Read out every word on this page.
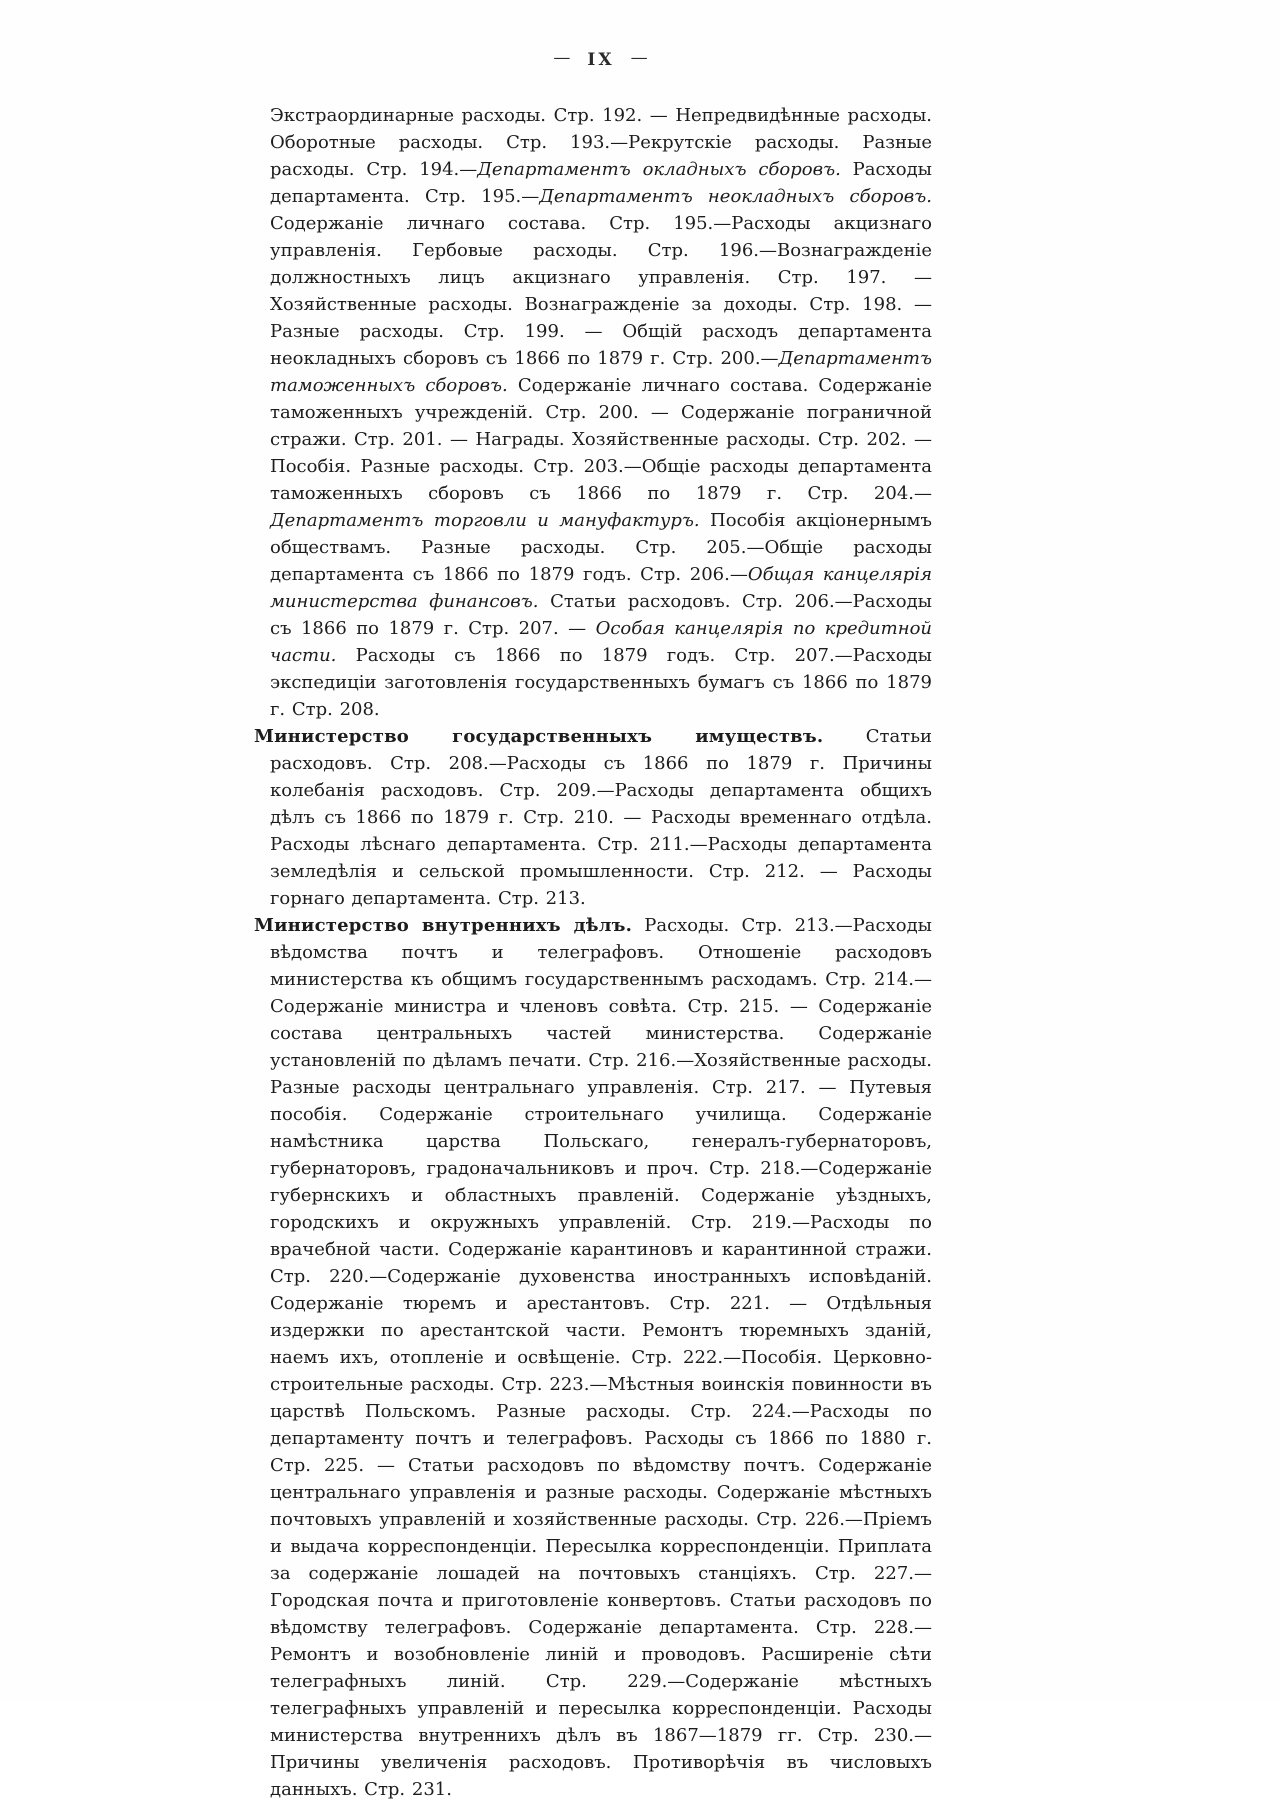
— IX —

Экстраординарные расходы. Стр. 192. — Непредвидѣнные расходы. Оборотные расходы. Стр. 193.—Рекрутскіе расходы. Разные расходы. Стр. 194.—Департаментъ окладныхъ сборовъ. Расходы департамента. Стр. 195.—Департаментъ неокладныхъ сборовъ. Содержаніе личнаго состава. Стр. 195.—Расходы акцизнаго управленія. Гербовые расходы. Стр. 196.—Вознагражденіе должностныхъ лицъ акцизнаго управленія. Стр. 197. — Хозяйственные расходы. Вознагражденіе за доходы. Стр. 198. — Разные расходы. Стр. 199. — Общій расходъ департамента неокладныхъ сборовъ съ 1866 по 1879 г. Стр. 200.—Департаментъ таможенныхъ сборовъ. Содержаніе личнаго состава. Содержаніе таможенныхъ учрежденій. Стр. 200. — Содержаніе пограничной стражи. Стр. 201. — Награды. Хозяйственные расходы. Стр. 202. — Пособія. Разные расходы. Стр. 203.—Общіе расходы департамента таможенныхъ сборовъ съ 1866 по 1879 г. Стр. 204.—Департаментъ торговли и мануфактуръ. Пособія акціонернымъ обществамъ. Разные расходы. Стр. 205.—Общіе расходы департамента съ 1866 по 1879 годъ. Стр. 206.—Общая канцелярія министерства финансовъ. Статьи расходовъ. Стр. 206.—Расходы съ 1866 по 1879 г. Стр. 207. — Особая канцелярія по кредитной части. Расходы съ 1866 по 1879 годъ. Стр. 207.—Расходы экспедиціи заготовленія государственныхъ бумагъ съ 1866 по 1879 г. Стр. 208.

Министерство государственныхъ имуществъ. Статьи расходовъ. Стр. 208.—Расходы съ 1866 по 1879 г. Причины колебанія расходовъ. Стр. 209.—Расходы департамента общихъ дѣлъ съ 1866 по 1879 г. Стр. 210. — Расходы временнаго отдѣла. Расходы лѣснаго департамента. Стр. 211.—Расходы департамента земледѣлія и сельской промышленности. Стр. 212. — Расходы горнаго департамента. Стр. 213.

Министерство внутреннихъ дѣлъ. Расходы. Стр. 213.—Расходы вѣдомства почтъ и телеграфовъ. Отношеніе расходовъ министерства къ общимъ государственнымъ расходамъ. Стр. 214.—Содержаніе министра и членовъ совѣта. Стр. 215. — Содержаніе состава центральныхъ частей министерства. Содержаніе установленій по дѣламъ печати. Стр. 216.—Хозяйственные расходы. Разные расходы центральнаго управленія. Стр. 217. — Путевыя пособія. Содержаніе строительнаго училища. Содержаніе намѣстника царства Польскаго, генералъ-губернаторовъ, губернаторовъ, градоначальниковъ и проч. Стр. 218.—Содержаніе губернскихъ и областныхъ правленій. Содержаніе уѣздныхъ, городскихъ и окружныхъ управленій. Стр. 219.—Расходы по врачебной части. Содержаніе карантиновъ и карантинной стражи. Стр. 220.—Содержаніе духовенства иностранныхъ исповѣданій. Содержаніе тюремъ и арестантовъ. Стр. 221. — Отдѣльныя издержки по арестантской части. Ремонтъ тюремныхъ зданій, наемъ ихъ, отопленіе и освѣщеніе. Стр. 222.—Пособія. Церковно-строительные расходы. Стр. 223.—Мѣстныя воинскія повинности въ царствѣ Польскомъ. Разные расходы. Стр. 224.—Расходы по департаменту почтъ и телеграфовъ. Расходы съ 1866 по 1880 г. Стр. 225. — Статьи расходовъ по вѣдомству почтъ. Содержаніе центральнаго управленія и разные расходы. Содержаніе мѣстныхъ почтовыхъ управленій и хозяйственные расходы. Стр. 226.—Пріемъ и выдача корреспонденціи. Пересылка корреспонденціи. Приплата за содержаніе лошадей на почтовыхъ станціяхъ. Стр. 227.—Городская почта и приготовленіе конвертовъ. Статьи расходовъ по вѣдомству телеграфовъ. Содержаніе департамента. Стр. 228.—Ремонтъ и возобновленіе линій и проводовъ. Расширеніе сѣти телеграфныхъ линій. Стр. 229.—Содержаніе мѣстныхъ телеграфныхъ управленій и пересылка корреспонденціи. Расходы министерства внутреннихъ дѣлъ въ 1867—1879 гг. Стр. 230.—Причины увеличенія расходовъ. Противорѣчія въ числовыхъ данныхъ. Стр. 231.
